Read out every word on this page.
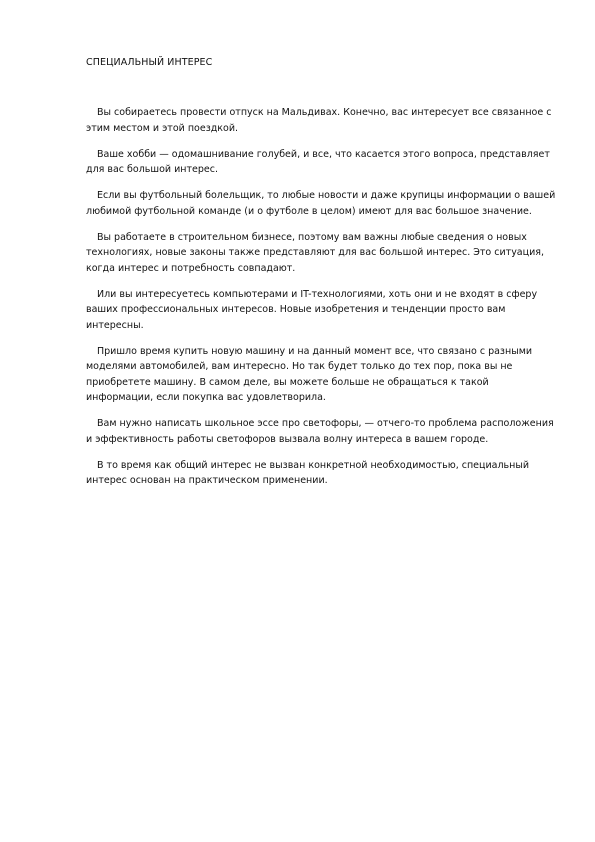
СПЕЦИАЛЬНЫЙ ИНТЕРЕС

Вы собираетесь провести отпуск на Мальдивах. Конечно, вас интересует все связанное с этим местом и этой поездкой.

Ваше хобби — одомашнивание голубей, и все, что касается этого вопроса, представляет для вас большой интерес.

Если вы футбольный болельщик, то любые новости и даже крупицы информации о вашей любимой футбольной команде (и о футболе в целом) имеют для вас большое значение.

Вы работаете в строительном бизнесе, поэтому вам важны любые сведения о новых технологиях, новые законы также представляют для вас большой интерес. Это ситуация, когда интерес и потребность совпадают.

Или вы интересуетесь компьютерами и IT-технологиями, хоть они и не входят в сферу ваших профессиональных интересов. Новые изобретения и тенденции просто вам интересны.

Пришло время купить новую машину и на данный момент все, что связано с разными моделями автомобилей, вам интересно. Но так будет только до тех пор, пока вы не приобретете машину. В самом деле, вы можете больше не обращаться к такой информации, если покупка вас удовлетворила.

Вам нужно написать школьное эссе про светофоры, — отчего-то проблема расположения и эффективность работы светофоров вызвала волну интереса в вашем городе.

В то время как общий интерес не вызван конкретной необходимостью, специальный интерес основан на практическом применении.
